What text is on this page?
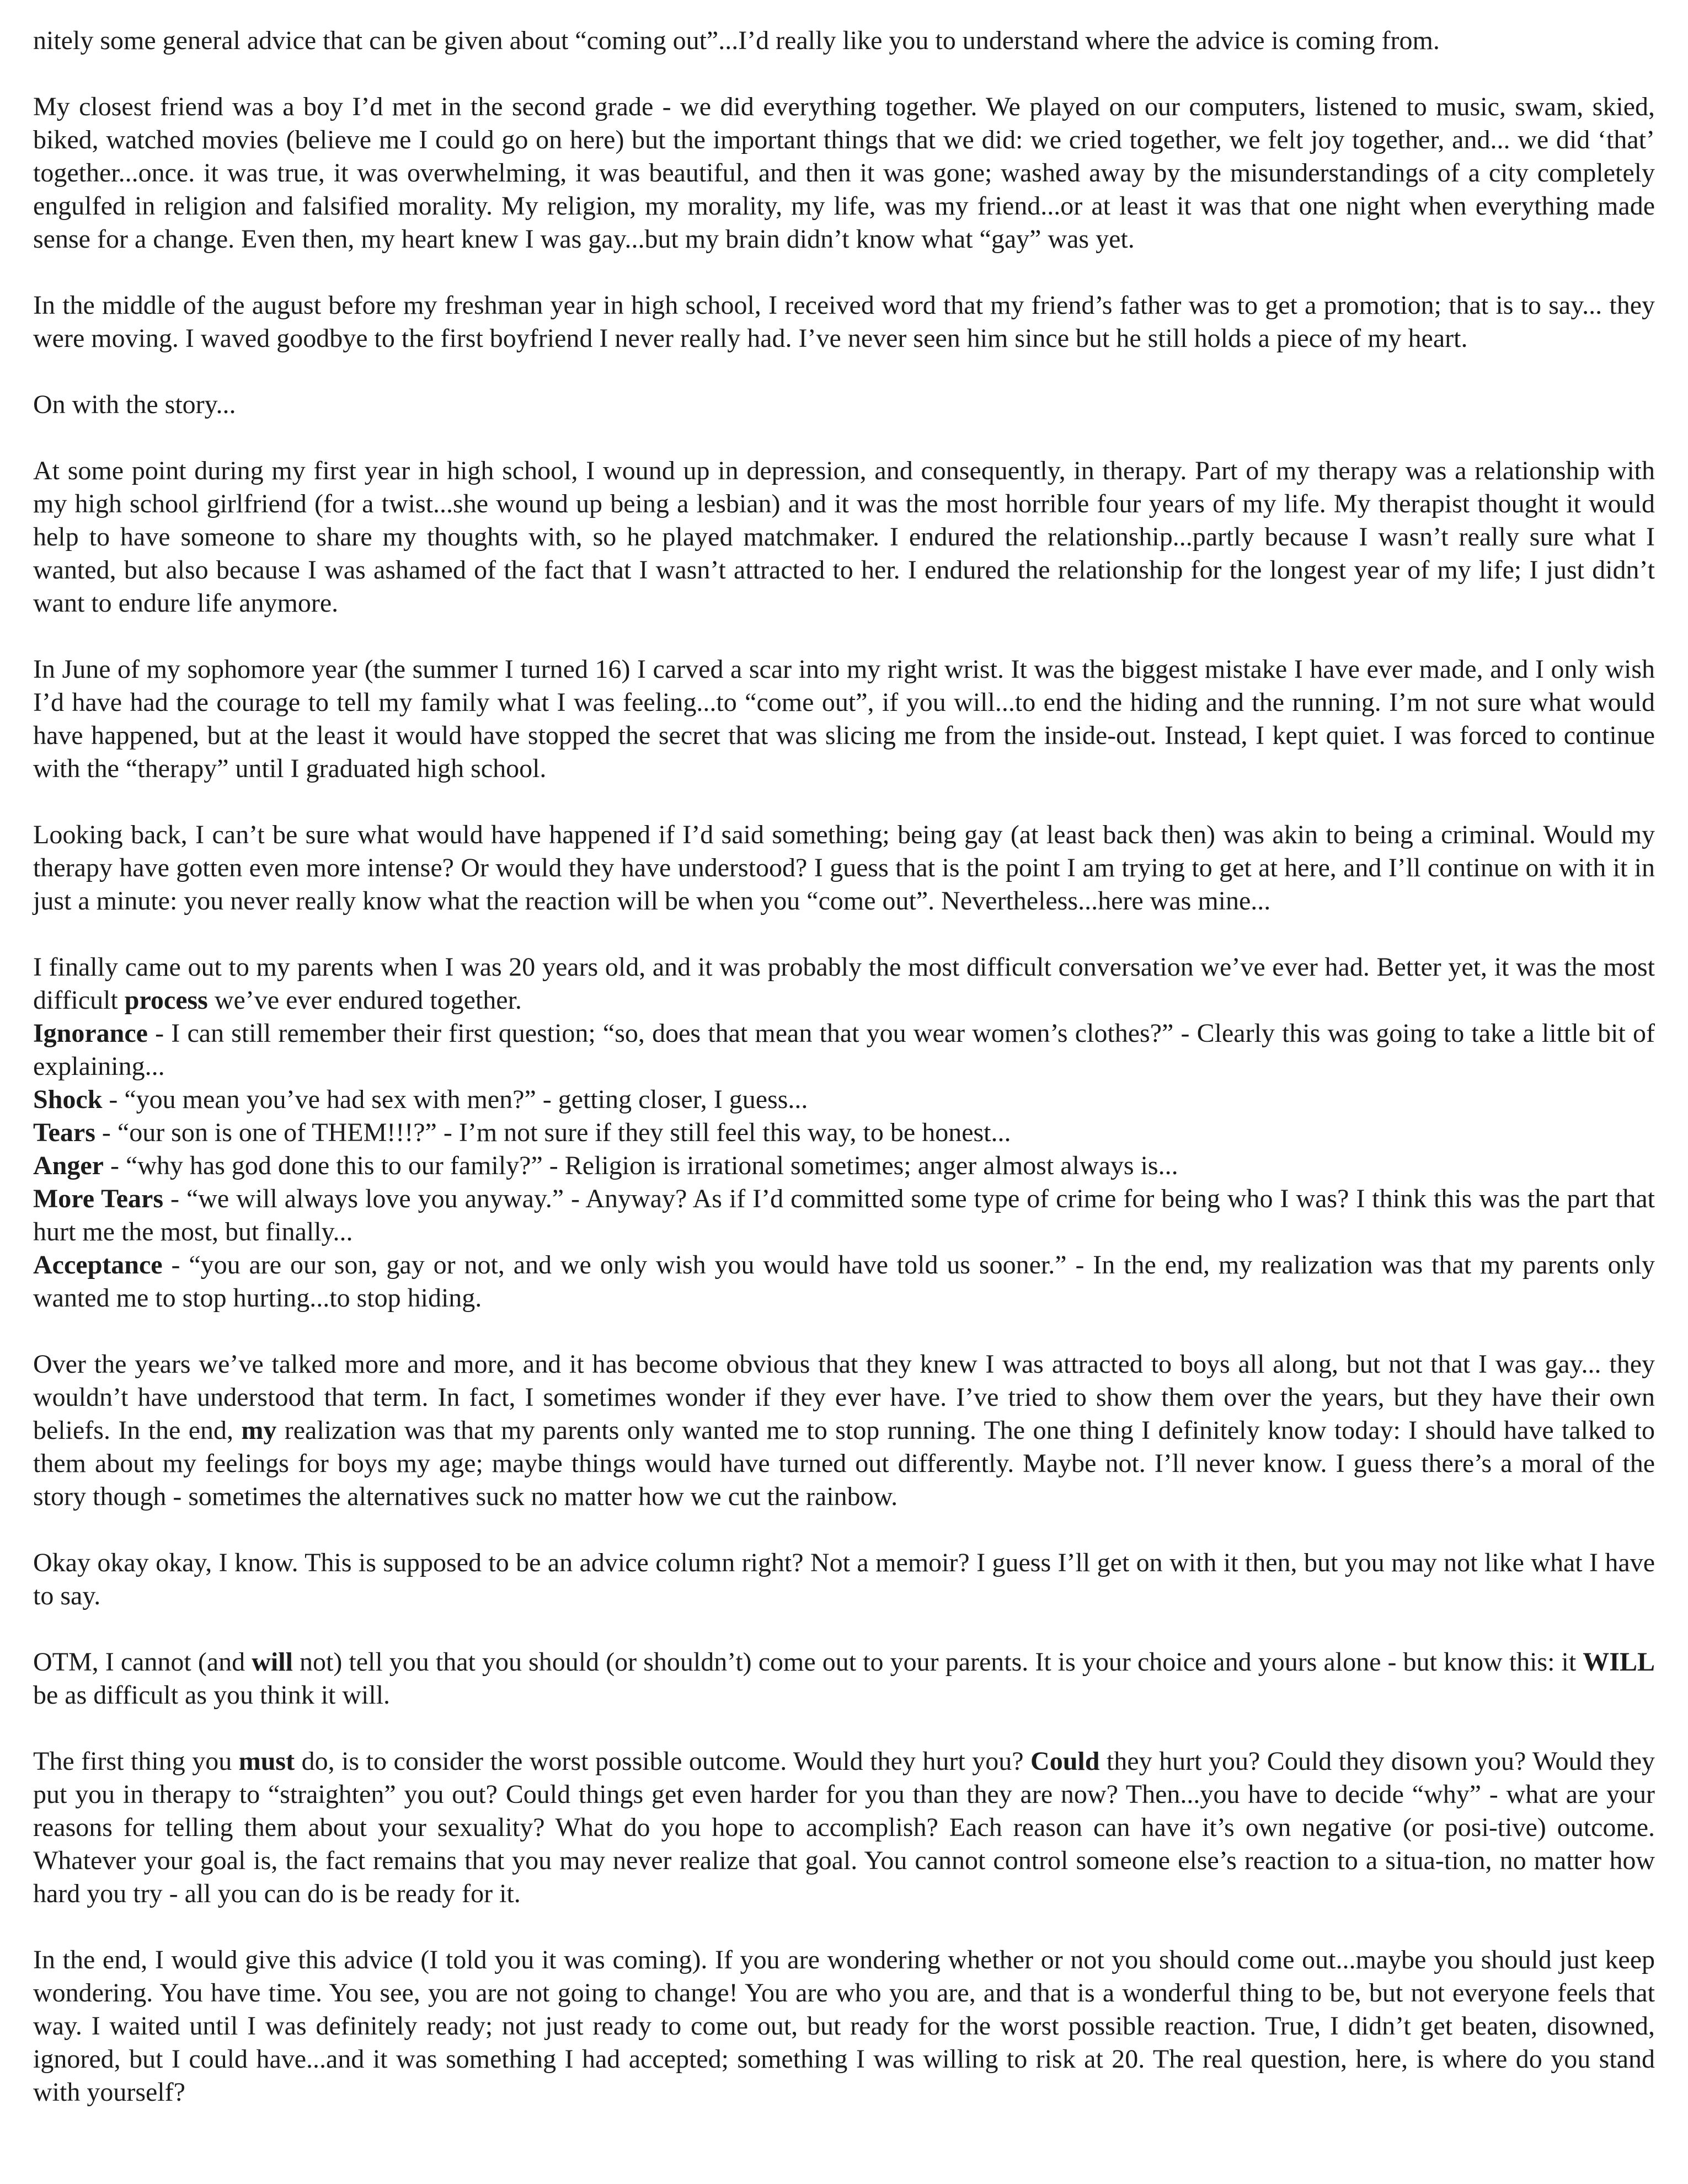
nitely some general advice that can be given about “coming out”...I’d really like you to understand where the advice is coming from.

My closest friend was a boy I’d met in the second grade - we did everything together. We played on our computers, listened to music, swam, skied, biked, watched movies (believe me I could go on here) but the important things that we did: we cried together, we felt joy together, and... we did ‘that’ together...once. it was true, it was overwhelming, it was beautiful, and then it was gone; washed away by the misunderstandings of a city completely engulfed in religion and falsified morality. My religion, my morality, my life, was my friend...or at least it was that one night when everything made sense for a change. Even then, my heart knew I was gay...but my brain didn’t know what “gay” was yet.

In the middle of the august before my freshman year in high school, I received word that my friend’s father was to get a promotion; that is to say... they were moving. I waved goodbye to the first boyfriend I never really had. I’ve never seen him since but he still holds a piece of my heart.

On with the story...

At some point during my first year in high school, I wound up in depression, and consequently, in therapy. Part of my therapy was a relationship with my high school girlfriend (for a twist...she wound up being a lesbian) and it was the most horrible four years of my life. My therapist thought it would help to have someone to share my thoughts with, so he played matchmaker. I endured the relationship...partly because I wasn’t really sure what I wanted, but also because I was ashamed of the fact that I wasn’t attracted to her. I endured the relationship for the longest year of my life; I just didn’t want to endure life anymore.

In June of my sophomore year (the summer I turned 16) I carved a scar into my right wrist. It was the biggest mistake I have ever made, and I only wish I’d have had the courage to tell my family what I was feeling...to “come out”, if you will...to end the hiding and the running. I’m not sure what would have happened, but at the least it would have stopped the secret that was slicing me from the inside-out. Instead, I kept quiet. I was forced to continue with the “therapy” until I graduated high school.

Looking back, I can’t be sure what would have happened if I’d said something; being gay (at least back then) was akin to being a criminal. Would my therapy have gotten even more intense? Or would they have understood? I guess that is the point I am trying to get at here, and I’ll continue on with it in just a minute: you never really know what the reaction will be when you “come out”. Nevertheless...here was mine...

I finally came out to my parents when I was 20 years old, and it was probably the most difficult conversation we’ve ever had. Better yet, it was the most difficult process we’ve ever endured together.

Ignorance - I can still remember their first question; “so, does that mean that you wear women’s clothes?” - Clearly this was going to take a little bit of explaining...

Shock - “you mean you’ve had sex with men?” - getting closer, I guess...

Tears - “our son is one of THEM!!!?” - I’m not sure if they still feel this way, to be honest...

Anger - “why has god done this to our family?” - Religion is irrational sometimes; anger almost always is...

More Tears - “we will always love you anyway.” - Anyway? As if I’d committed some type of crime for being who I was? I think this was the part that hurt me the most, but finally...

Acceptance - “you are our son, gay or not, and we only wish you would have told us sooner.” - In the end, my realization was that my parents only wanted me to stop hurting...to stop hiding.

Over the years we’ve talked more and more, and it has become obvious that they knew I was attracted to boys all along, but not that I was gay... they wouldn’t have understood that term. In fact, I sometimes wonder if they ever have. I’ve tried to show them over the years, but they have their own beliefs. In the end, my realization was that my parents only wanted me to stop running. The one thing I definitely know today: I should have talked to them about my feelings for boys my age; maybe things would have turned out differently. Maybe not. I’ll never know. I guess there’s a moral of the story though - sometimes the alternatives suck no matter how we cut the rainbow.

Okay okay okay, I know. This is supposed to be an advice column right? Not a memoir? I guess I’ll get on with it then, but you may not like what I have to say.

OTM, I cannot (and will not) tell you that you should (or shouldn’t) come out to your parents. It is your choice and yours alone - but know this: it WILL be as difficult as you think it will.

The first thing you must do, is to consider the worst possible outcome. Would they hurt you? Could they hurt you? Could they disown you? Would they put you in therapy to “straighten” you out? Could things get even harder for you than they are now? Then...you have to decide “why” - what are your reasons for telling them about your sexuality? What do you hope to accomplish? Each reason can have it’s own negative (or posi-tive) outcome. Whatever your goal is, the fact remains that you may never realize that goal. You cannot control someone else’s reaction to a situa-tion, no matter how hard you try - all you can do is be ready for it.

In the end, I would give this advice (I told you it was coming). If you are wondering whether or not you should come out...maybe you should just keep wondering. You have time. You see, you are not going to change! You are who you are, and that is a wonderful thing to be, but not everyone feels that way. I waited until I was definitely ready; not just ready to come out, but ready for the worst possible reaction. True, I didn’t get beaten, disowned, ignored, but I could have...and it was something I had accepted; something I was willing to risk at 20. The real question, here, is where do you stand with yourself?
